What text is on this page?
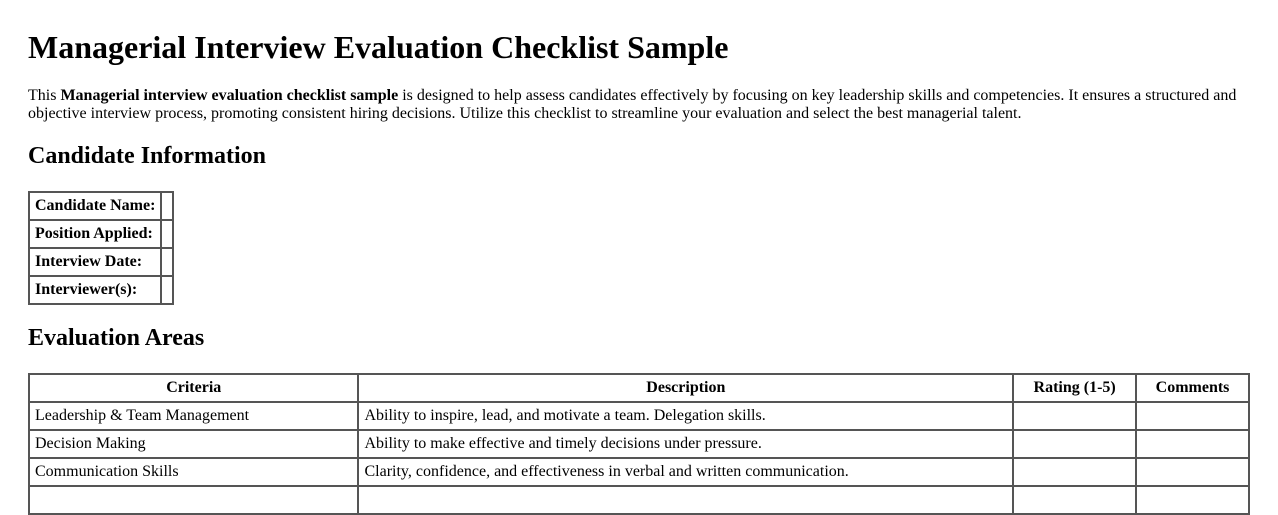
Managerial Interview Evaluation Checklist Sample

This Managerial interview evaluation checklist sample is designed to help assess candidates effectively by focusing on key leadership skills and competencies. It ensures a structured and objective interview process, promoting consistent hiring decisions. Utilize this checklist to streamline your evaluation and select the best managerial talent.

Candidate Information
Candidate Name:	
Position Applied:	
Interview Date:	
Interviewer(s):	
Evaluation Areas
Criteria	Description	Rating (1-5)	Comments
Leadership & Team Management	Ability to inspire, lead, and motivate a team. Delegation skills.		
Decision Making	Ability to make effective and timely decisions under pressure.		
Communication Skills	Clarity, confidence, and effectiveness in verbal and written communication.		
